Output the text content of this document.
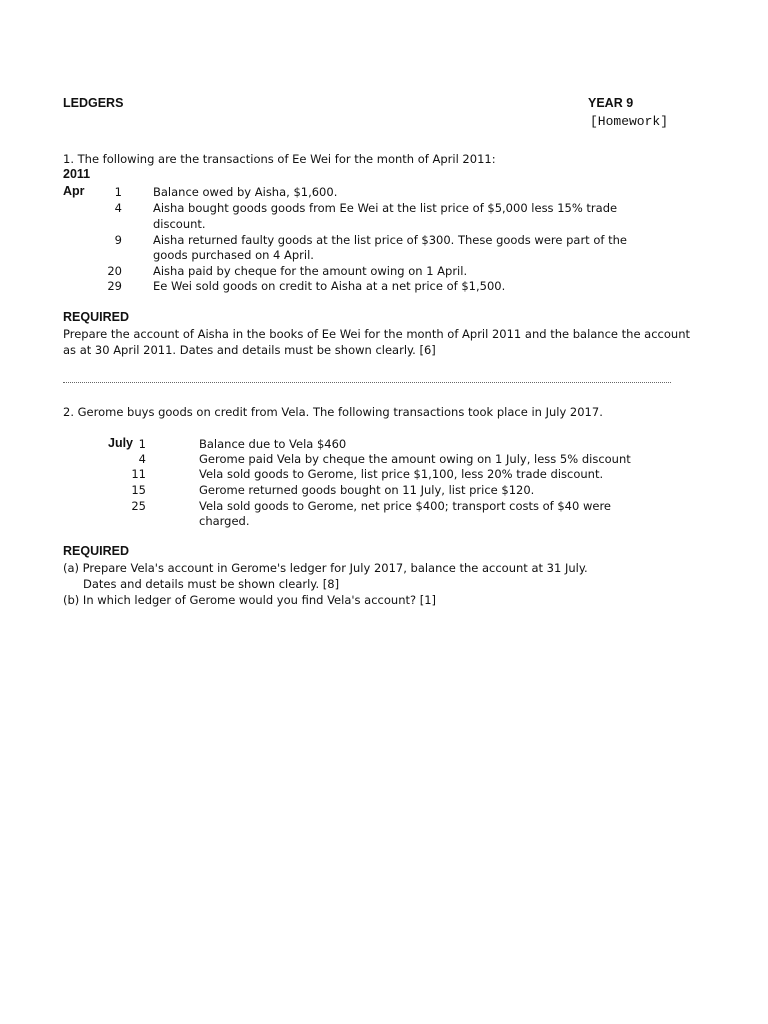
LEDGERS	YEAR 9
[Homework]
1. The following are the transactions of Ee Wei for the month of April 2011:
2011
Apr	1	Balance owed by Aisha, $1,600.
4	Aisha bought goods goods from Ee Wei at the list price of $5,000 less 15% trade
discount.
9	Aisha returned faulty goods at the list price of $300. These goods were part of the
goods purchased on 4 April.
20	Aisha paid by cheque for the amount owing on 1 April.
29	Ee Wei sold goods on credit to Aisha at a net price of $1,500.
REQUIRED
Prepare the account of Aisha in the books of Ee Wei for the month of April 2011 and the balance the account
as at 30 April 2011. Dates and details must be shown clearly. [6]
2. Gerome buys goods on credit from Vela. The following transactions took place in July 2017.
July 1	Balance due to Vela $460
4	Gerome paid Vela by cheque the amount owing on 1 July, less 5% discount
11	Vela sold goods to Gerome, list price $1,100, less 20% trade discount.
15	Gerome returned goods bought on 11 July, list price $120.
25	Vela sold goods to Gerome, net price $400; transport costs of $40 were
charged.
REQUIRED
(a) Prepare Vela's account in Gerome's ledger for July 2017, balance the account at 31 July.
Dates and details must be shown clearly. [8]
(b) In which ledger of Gerome would you find Vela's account? [1]
